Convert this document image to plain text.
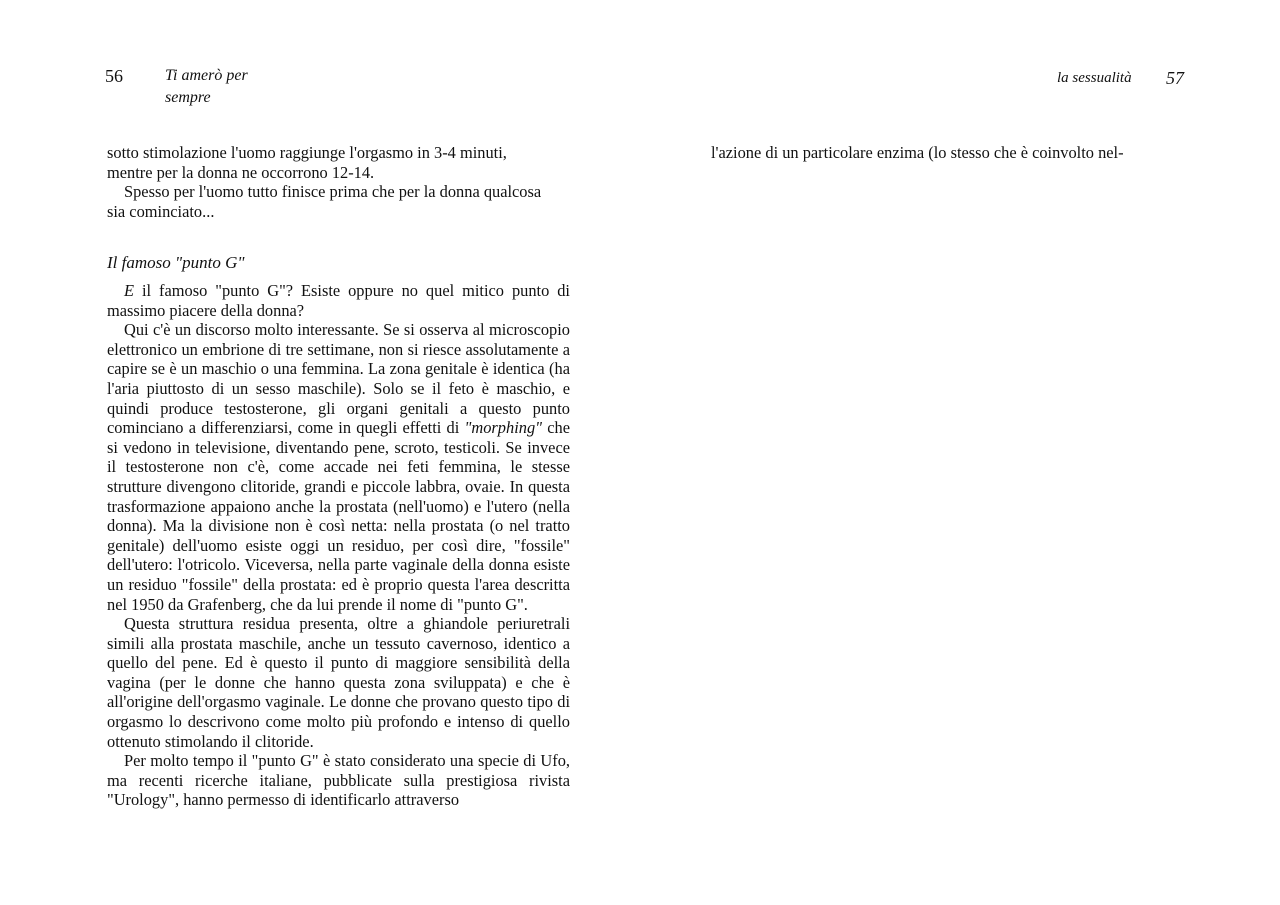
56	Ti amerò per sempre

sotto stimolazione l'uomo raggiunge l'orgasmo in 3-4 minuti, mentre per la donna ne occorrono 12-14.

Spesso per l'uomo tutto finisce prima che per la donna qualcosa sia cominciato...

Il famoso "punto G"

E il famoso "punto G"? Esiste oppure no quel mitico punto di massimo piacere della donna?

Qui c'è un discorso molto interessante. Se si osserva al microscopio elettronico un embrione di tre settimane, non si riesce assolutamente a capire se è un maschio o una femmina. La zona genitale è identica (ha l'aria piuttosto di un sesso maschile). Solo se il feto è maschio, e quindi produce testosterone, gli organi genitali a questo punto cominciano a differenziarsi, come in quegli effetti di "morphing" che si vedono in televisione, diventando pene, scroto, testicoli. Se invece il testosterone non c'è, come accade nei feti femmina, le stesse strutture divengono clitoride, grandi e piccole labbra, ovaie. In questa trasformazione appaiono anche la prostata (nell'uomo) e l'utero (nella donna). Ma la divisione non è così netta: nella prostata (o nel tratto genitale) dell'uomo esiste oggi un residuo, per così dire, "fossile" dell'utero: l'otricolo. Viceversa, nella parte vaginale della donna esiste un residuo "fossile" della prostata: ed è proprio questa l'area descritta nel 1950 da Grafenberg, che da lui prende il nome di "punto G".

Questa struttura residua presenta, oltre a ghiandole periuretrali simili alla prostata maschile, anche un tessuto cavernoso, identico a quello del pene. Ed è questo il punto di maggiore sensibilità della vagina (per le donne che hanno questa zona sviluppata) e che è all'origine dell'orgasmo vaginale. Le donne che provano questo tipo di orgasmo lo descrivono come molto più profondo e intenso di quello ottenuto stimolando il clitoride.

Per molto tempo il "punto G" è stato considerato una specie di Ufo, ma recenti ricerche italiane, pubblicate sulla prestigiosa rivista "Urology", hanno permesso di identificarlo attraverso

la sessualità	57

l'azione di un particolare enzima (lo stesso che è coinvolto nel-
